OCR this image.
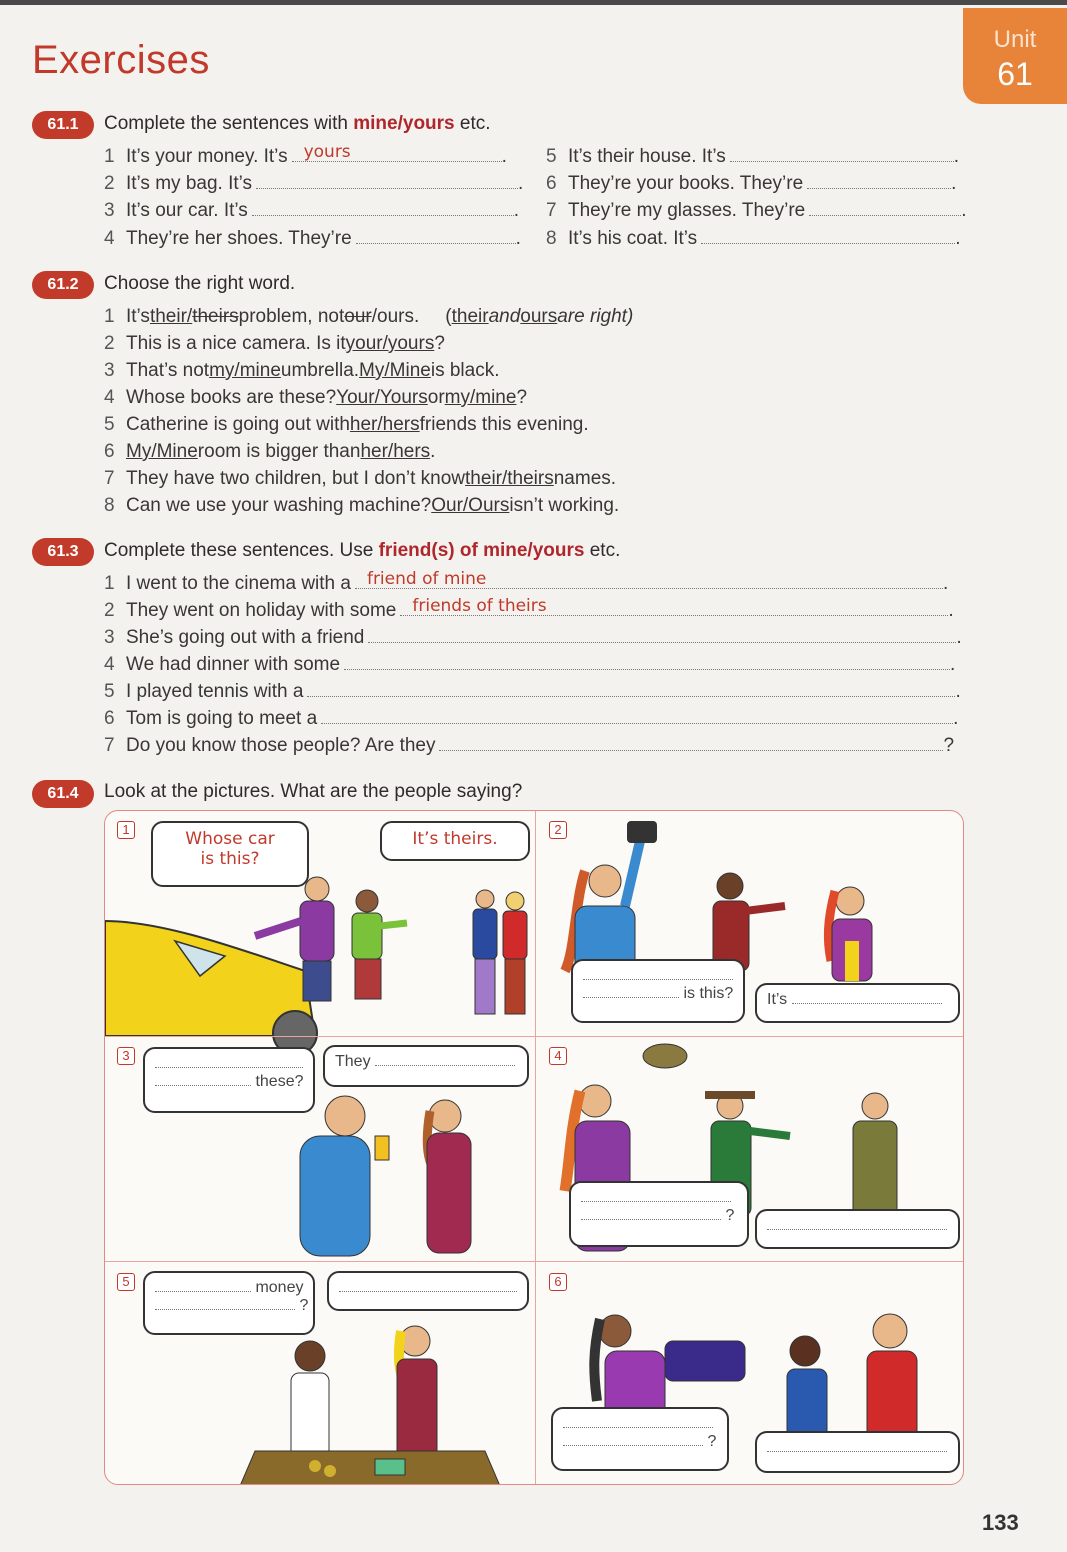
Exercises	Unit
61
61.1	Complete the sentences with mine/yours etc.
1 It’s your money. It’s yours	.
2 It’s my bag. It’s	.
3 It’s our car. It’s	.
4 They’re her shoes. They’re	.
5 It’s their house. It’s	.
6 They’re your books. They’re	.
7 They’re my glasses. They’re	.
8 It’s his coat. It’s	.
61.2	Choose the right word.
1 It’s their/ theirs problem, not our /ours. ( their and ours are right)
2 This is a nice camera. Is it your/yours ?
3 That’s not my/mine umbrella. My/Mine is black.
4 Whose books are these? Your/Yours or my/mine ?
5 Catherine is going out with her/hers friends this evening.
6 My/Mine room is bigger than her/hers .
7 They have two children, but I don’t know their/theirs names.
8 Can we use your washing machine? Our/Ours isn’t working.
61.3	Complete these sentences. Use friend(s) of mine/yours etc.
1 I went to the cinema with a friend of mine	.
2 They went on holiday with some friends of theirs	.
3 She’s going out with a friend	.
4 We had dinner with some	.
5 I played tennis with a	.
6 Tom is going to meet a	.
7 Do you know those people? Are they	?
61.4	Look at the pictures. What are the people saying?
1	Whose car
is this?
It’s theirs.	2
is this?	It’s
3
these?
They	4
?
5	money
?
6
?
133
